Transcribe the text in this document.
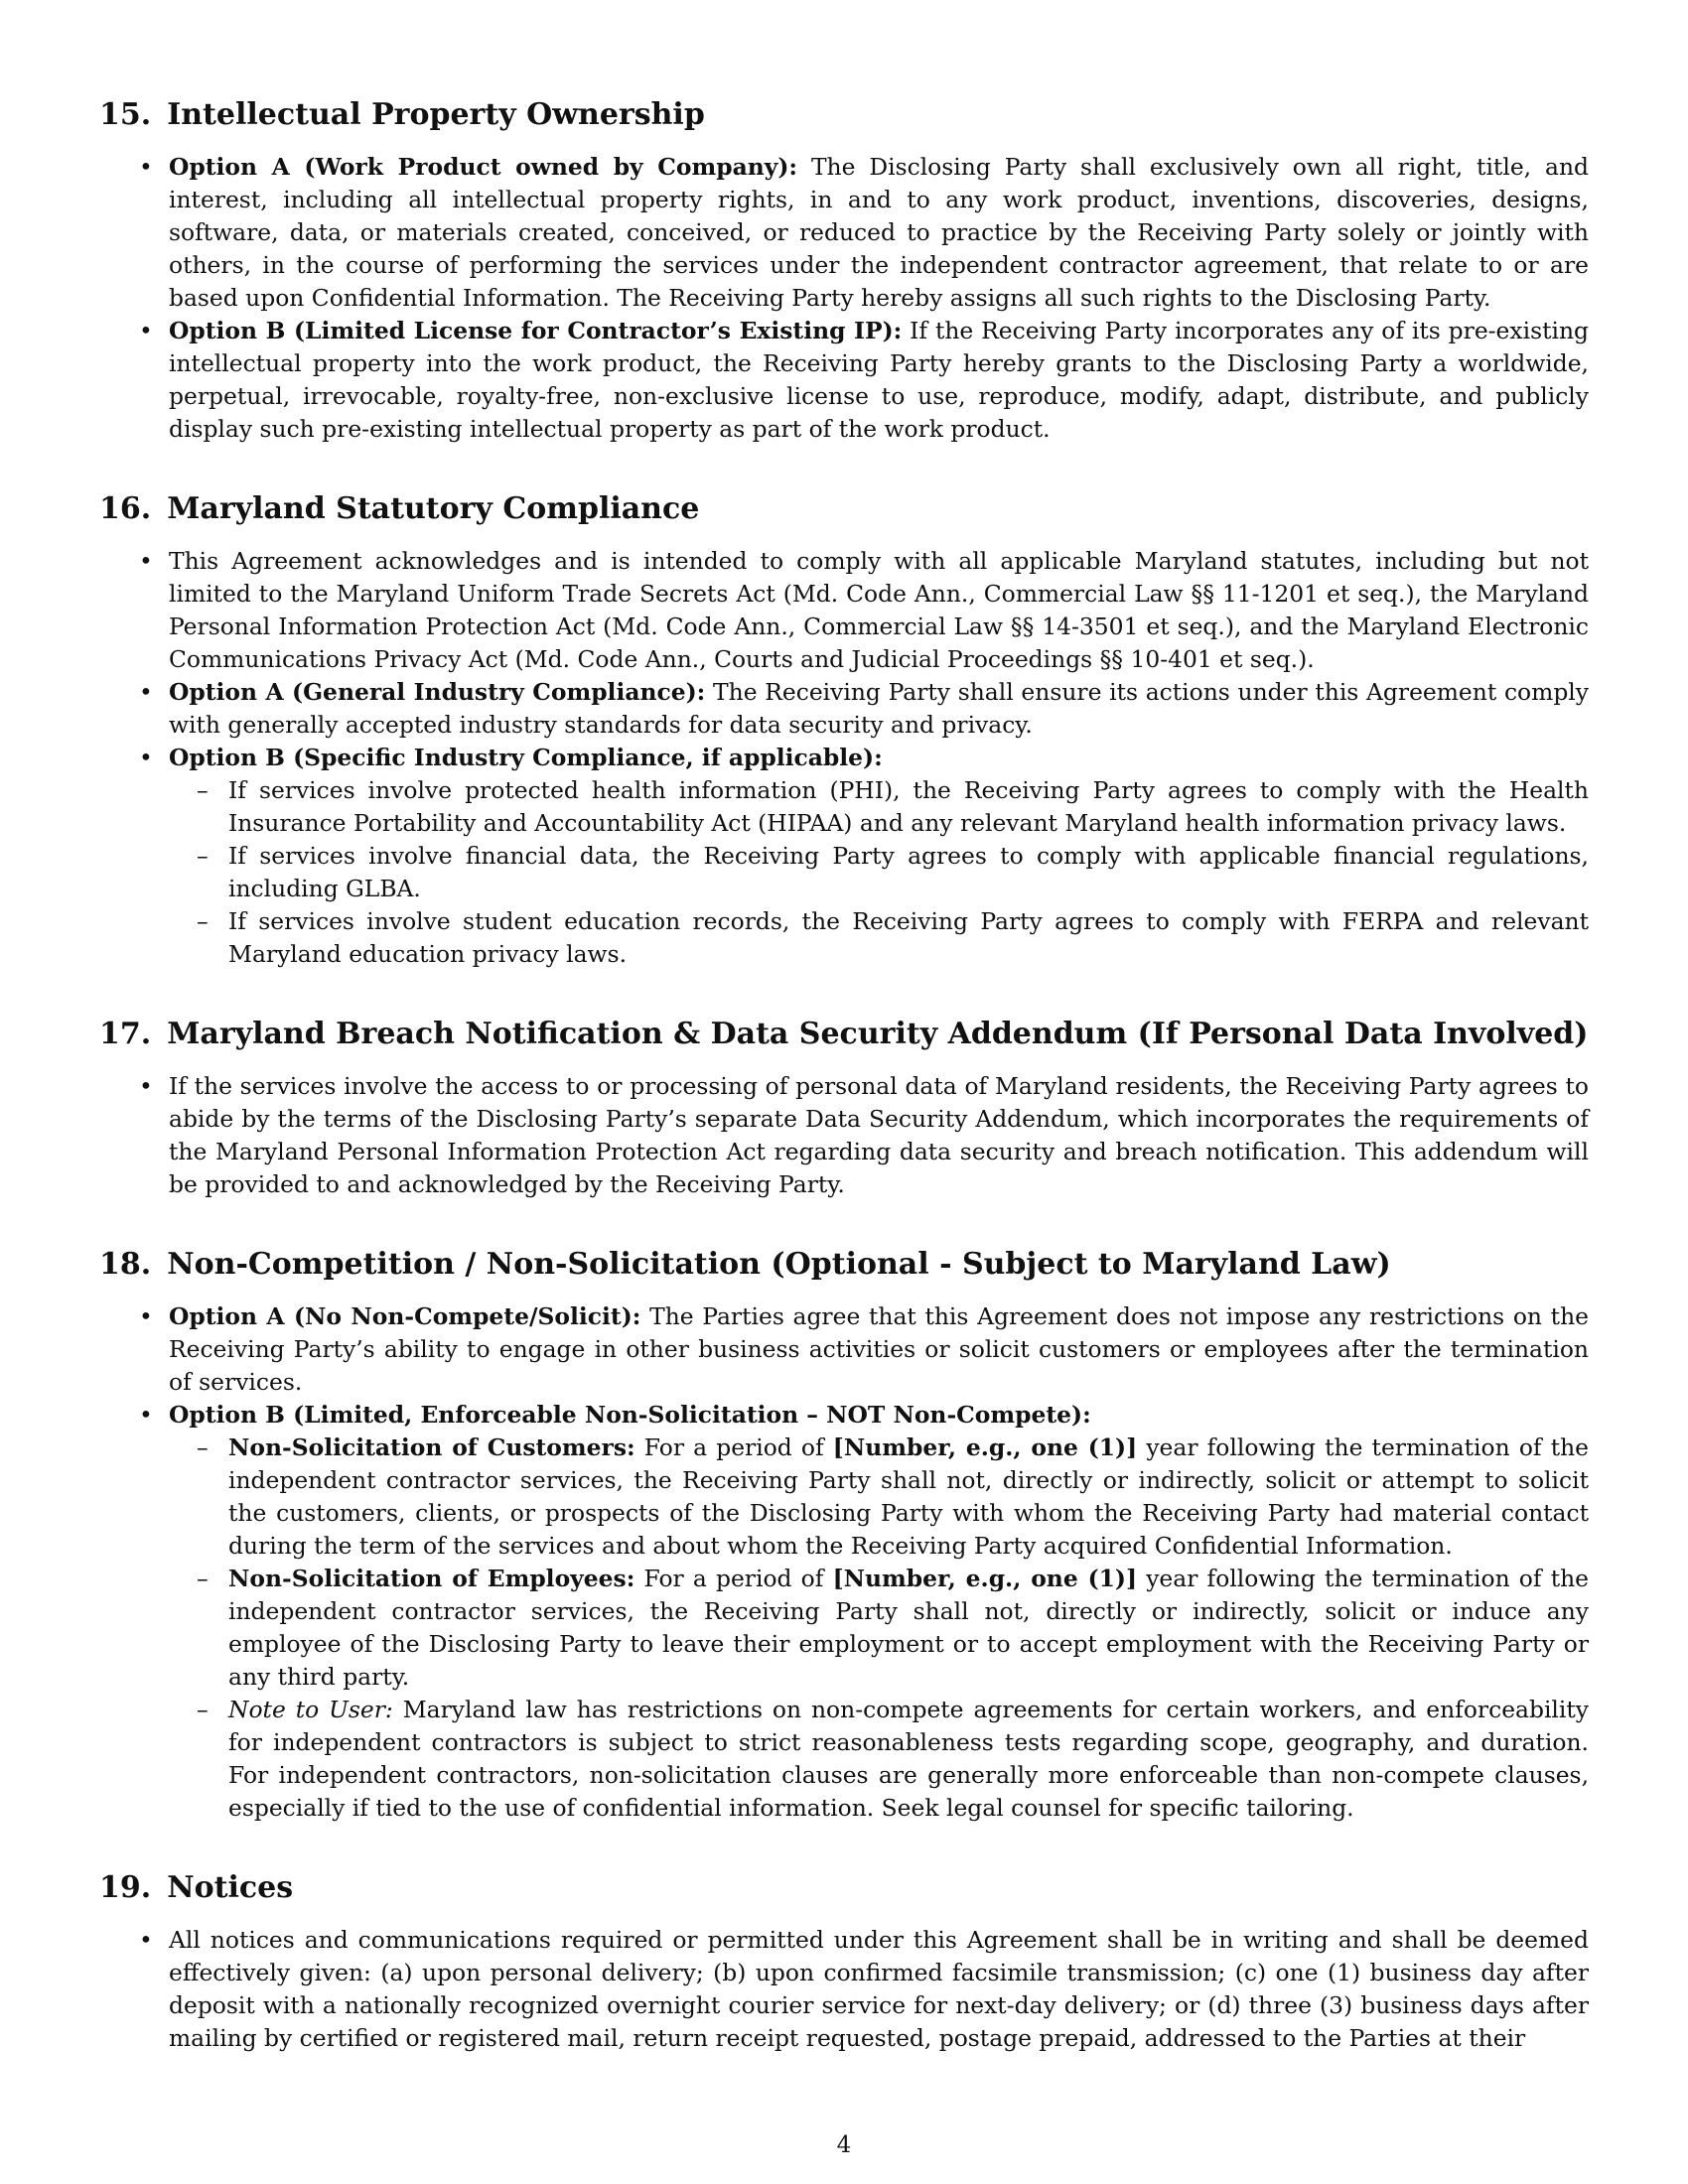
15. Intellectual Property Ownership
• Option A (Work Product owned by Company): The Disclosing Party shall exclusively own all right, title, and interest, including all intellectual property rights, in and to any work product, inventions, discoveries, designs, software, data, or materials created, conceived, or reduced to practice by the Receiving Party solely or jointly with others, in the course of performing the services under the independent contractor agreement, that relate to or are based upon Confidential Information. The Receiving Party hereby assigns all such rights to the Disclosing Party.
• Option B (Limited License for Contractor’s Existing IP): If the Receiving Party incorporates any of its pre-existing intellectual property into the work product, the Receiving Party hereby grants to the Disclosing Party a worldwide, perpetual, irrevocable, royalty-free, non-exclusive license to use, reproduce, modify, adapt, distribute, and publicly display such pre-existing intellectual property as part of the work product.
16. Maryland Statutory Compliance
• This Agreement acknowledges and is intended to comply with all applicable Maryland statutes, including but not limited to the Maryland Uniform Trade Secrets Act (Md. Code Ann., Commercial Law §§ 11-1201 et seq.), the Maryland Personal Information Protection Act (Md. Code Ann., Commercial Law §§ 14-3501 et seq.), and the Maryland Electronic Communications Privacy Act (Md. Code Ann., Courts and Judicial Proceedings §§ 10-401 et seq.).
• Option A (General Industry Compliance): The Receiving Party shall ensure its actions under this Agreement comply with generally accepted industry standards for data security and privacy.
• Option B (Specific Industry Compliance, if applicable):
– If services involve protected health information (PHI), the Receiving Party agrees to comply with the Health Insurance Portability and Accountability Act (HIPAA) and any relevant Maryland health information privacy laws.
– If services involve financial data, the Receiving Party agrees to comply with applicable financial regulations, including GLBA.
– If services involve student education records, the Receiving Party agrees to comply with FERPA and relevant Maryland education privacy laws.
17. Maryland Breach Notification & Data Security Addendum (If Personal Data Involved)
• If the services involve the access to or processing of personal data of Maryland residents, the Receiving Party agrees to abide by the terms of the Disclosing Party’s separate Data Security Addendum, which incorporates the requirements of the Maryland Personal Information Protection Act regarding data security and breach notification. This addendum will be provided to and acknowledged by the Receiving Party.
18. Non-Competition / Non-Solicitation (Optional - Subject to Maryland Law)
• Option A (No Non-Compete/Solicit): The Parties agree that this Agreement does not impose any restrictions on the Receiving Party’s ability to engage in other business activities or solicit customers or employees after the termination of services.
• Option B (Limited, Enforceable Non-Solicitation – NOT Non-Compete):
– Non-Solicitation of Customers: For a period of [Number, e.g., one (1)] year following the termination of the independent contractor services, the Receiving Party shall not, directly or indirectly, solicit or attempt to solicit the customers, clients, or prospects of the Disclosing Party with whom the Receiving Party had material contact during the term of the services and about whom the Receiving Party acquired Confidential Information.
– Non-Solicitation of Employees: For a period of [Number, e.g., one (1)] year following the termination of the independent contractor services, the Receiving Party shall not, directly or indirectly, solicit or induce any employee of the Disclosing Party to leave their employment or to accept employment with the Receiving Party or any third party.
– Note to User: Maryland law has restrictions on non-compete agreements for certain workers, and enforceability for independent contractors is subject to strict reasonableness tests regarding scope, geography, and duration. For independent contractors, non-solicitation clauses are generally more enforceable than non-compete clauses, especially if tied to the use of confidential information. Seek legal counsel for specific tailoring.
19. Notices
• All notices and communications required or permitted under this Agreement shall be in writing and shall be deemed effectively given: (a) upon personal delivery; (b) upon confirmed facsimile transmission; (c) one (1) business day after deposit with a nationally recognized overnight courier service for next-day delivery; or (d) three (3) business days after mailing by certified or registered mail, return receipt requested, postage prepaid, addressed to the Parties at their
4
